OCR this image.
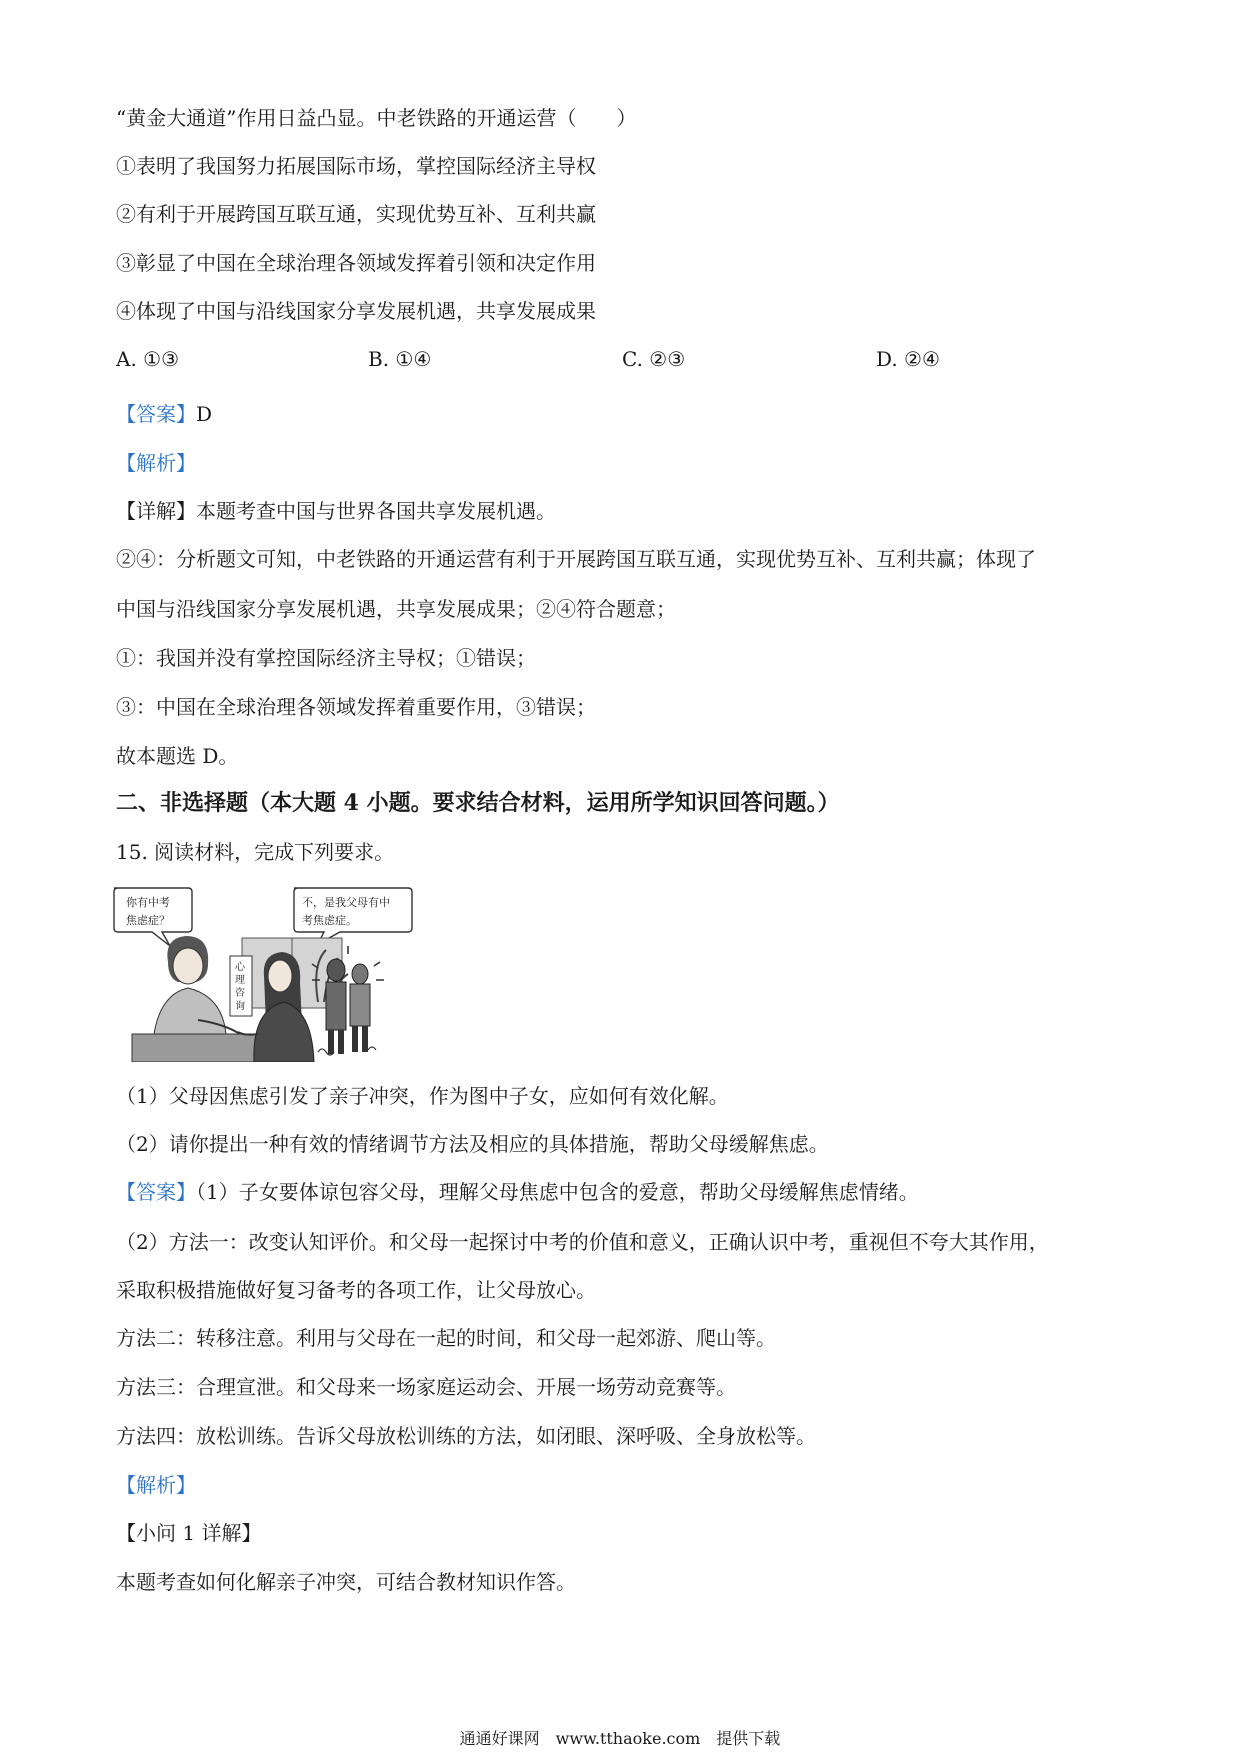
“黄金大通道”作用日益凸显。中老铁路的开通运营（　　）
①表明了我国努力拓展国际市场，掌控国际经济主导权
②有利于开展跨国互联互通，实现优势互补、互利共赢
③彰显了中国在全球治理各领域发挥着引领和决定作用
④体现了中国与沿线国家分享发展机遇，共享发展成果
A. ①③	B. ①④	C. ②③	D. ②④
【答案】D
【解析】
【详解】本题考查中国与世界各国共享发展机遇。
②④：分析题文可知，中老铁路的开通运营有利于开展跨国互联互通，实现优势互补、互利共赢；体现了
中国与沿线国家分享发展机遇，共享发展成果；②④符合题意；
①：我国并没有掌控国际经济主导权；①错误；
③：中国在全球治理各领域发挥着重要作用，③错误；
故本题选 D。
二、非选择题（本大题 4 小题。要求结合材料，运用所学知识回答问题。）
15. 阅读材料，完成下列要求。
你有中考
焦虑症？
不，是我父母有中
考焦虑症。
心
理
咨
询
（1）父母因焦虑引发了亲子冲突，作为图中子女，应如何有效化解。
（2）请你提出一种有效的情绪调节方法及相应的具体措施，帮助父母缓解焦虑。
【答案】（1）子女要体谅包容父母，理解父母焦虑中包含的爱意，帮助父母缓解焦虑情绪。
（2）方法一：改变认知评价。和父母一起探讨中考的价值和意义，正确认识中考，重视但不夸大其作用，
采取积极措施做好复习备考的各项工作，让父母放心。
方法二：转移注意。利用与父母在一起的时间，和父母一起郊游、爬山等。
方法三：合理宣泄。和父母来一场家庭运动会、开展一场劳动竞赛等。
方法四：放松训练。告诉父母放松训练的方法，如闭眼、深呼吸、全身放松等。
【解析】
【小问 1 详解】
本题考查如何化解亲子冲突，可结合教材知识作答。
通通好课网　www.tthaoke.com　提供下载
